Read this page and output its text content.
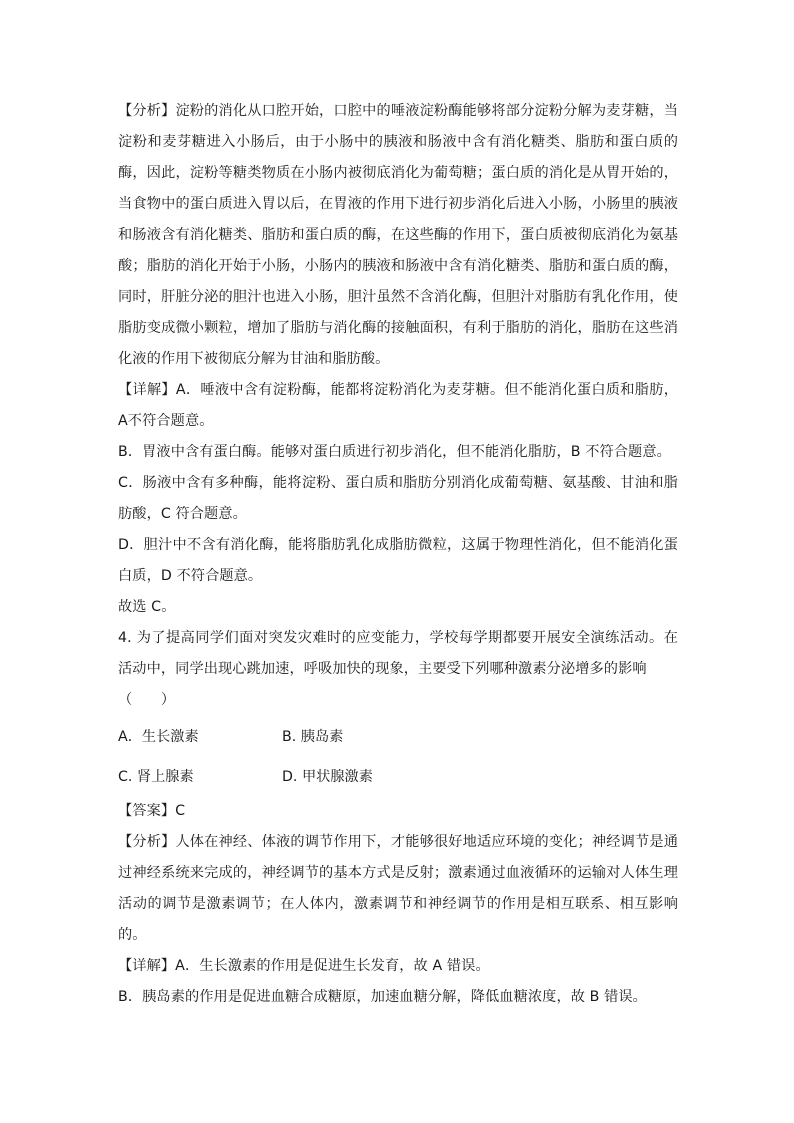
【分析】淀粉的消化从口腔开始，口腔中的唾液淀粉酶能够将部分淀粉分解为麦芽糖，当淀粉和麦芽糖进入小肠后，由于小肠中的胰液和肠液中含有消化糖类、脂肪和蛋白质的酶，因此，淀粉等糖类物质在小肠内被彻底消化为葡萄糖；蛋白质的消化是从胃开始的，当食物中的蛋白质进入胃以后，在胃液的作用下进行初步消化后进入小肠，小肠里的胰液和肠液含有消化糖类、脂肪和蛋白质的酶，在这些酶的作用下，蛋白质被彻底消化为氨基酸；脂肪的消化开始于小肠，小肠内的胰液和肠液中含有消化糖类、脂肪和蛋白质的酶，同时，肝脏分泌的胆汁也进入小肠，胆汁虽然不含消化酶，但胆汁对脂肪有乳化作用，使脂肪变成微小颗粒，增加了脂肪与消化酶的接触面积，有利于脂肪的消化，脂肪在这些消化液的作用下被彻底分解为甘油和脂肪酸。

【详解】A．唾液中含有淀粉酶，能都将淀粉消化为麦芽糖。但不能消化蛋白质和脂肪，A不符合题意。

B．胃液中含有蛋白酶。能够对蛋白质进行初步消化，但不能消化脂肪，B 不符合题意。

C．肠液中含有多种酶，能将淀粉、蛋白质和脂肪分别消化成葡萄糖、氨基酸、甘油和脂肪酸，C 符合题意。

D．胆汁中不含有消化酶，能将脂肪乳化成脂肪微粒，这属于物理性消化，但不能消化蛋白质，D 不符合题意。

故选 C。

4. 为了提高同学们面对突发灾难时的应变能力，学校每学期都要开展安全演练活动。在活动中，同学出现心跳加速，呼吸加快的现象，主要受下列哪种激素分泌增多的影响

（　　）

A．生长激素	B. 胰岛素
C. 肾上腺素	D. 甲状腺激素

【答案】C

【分析】人体在神经、体液的调节作用下，才能够很好地适应环境的变化；神经调节是通过神经系统来完成的，神经调节的基本方式是反射；激素通过血液循环的运输对人体生理活动的调节是激素调节；在人体内，激素调节和神经调节的作用是相互联系、相互影响的。

【详解】A．生长激素的作用是促进生长发育，故 A 错误。

B．胰岛素的作用是促进血糖合成糖原，加速血糖分解，降低血糖浓度，故 B 错误。
